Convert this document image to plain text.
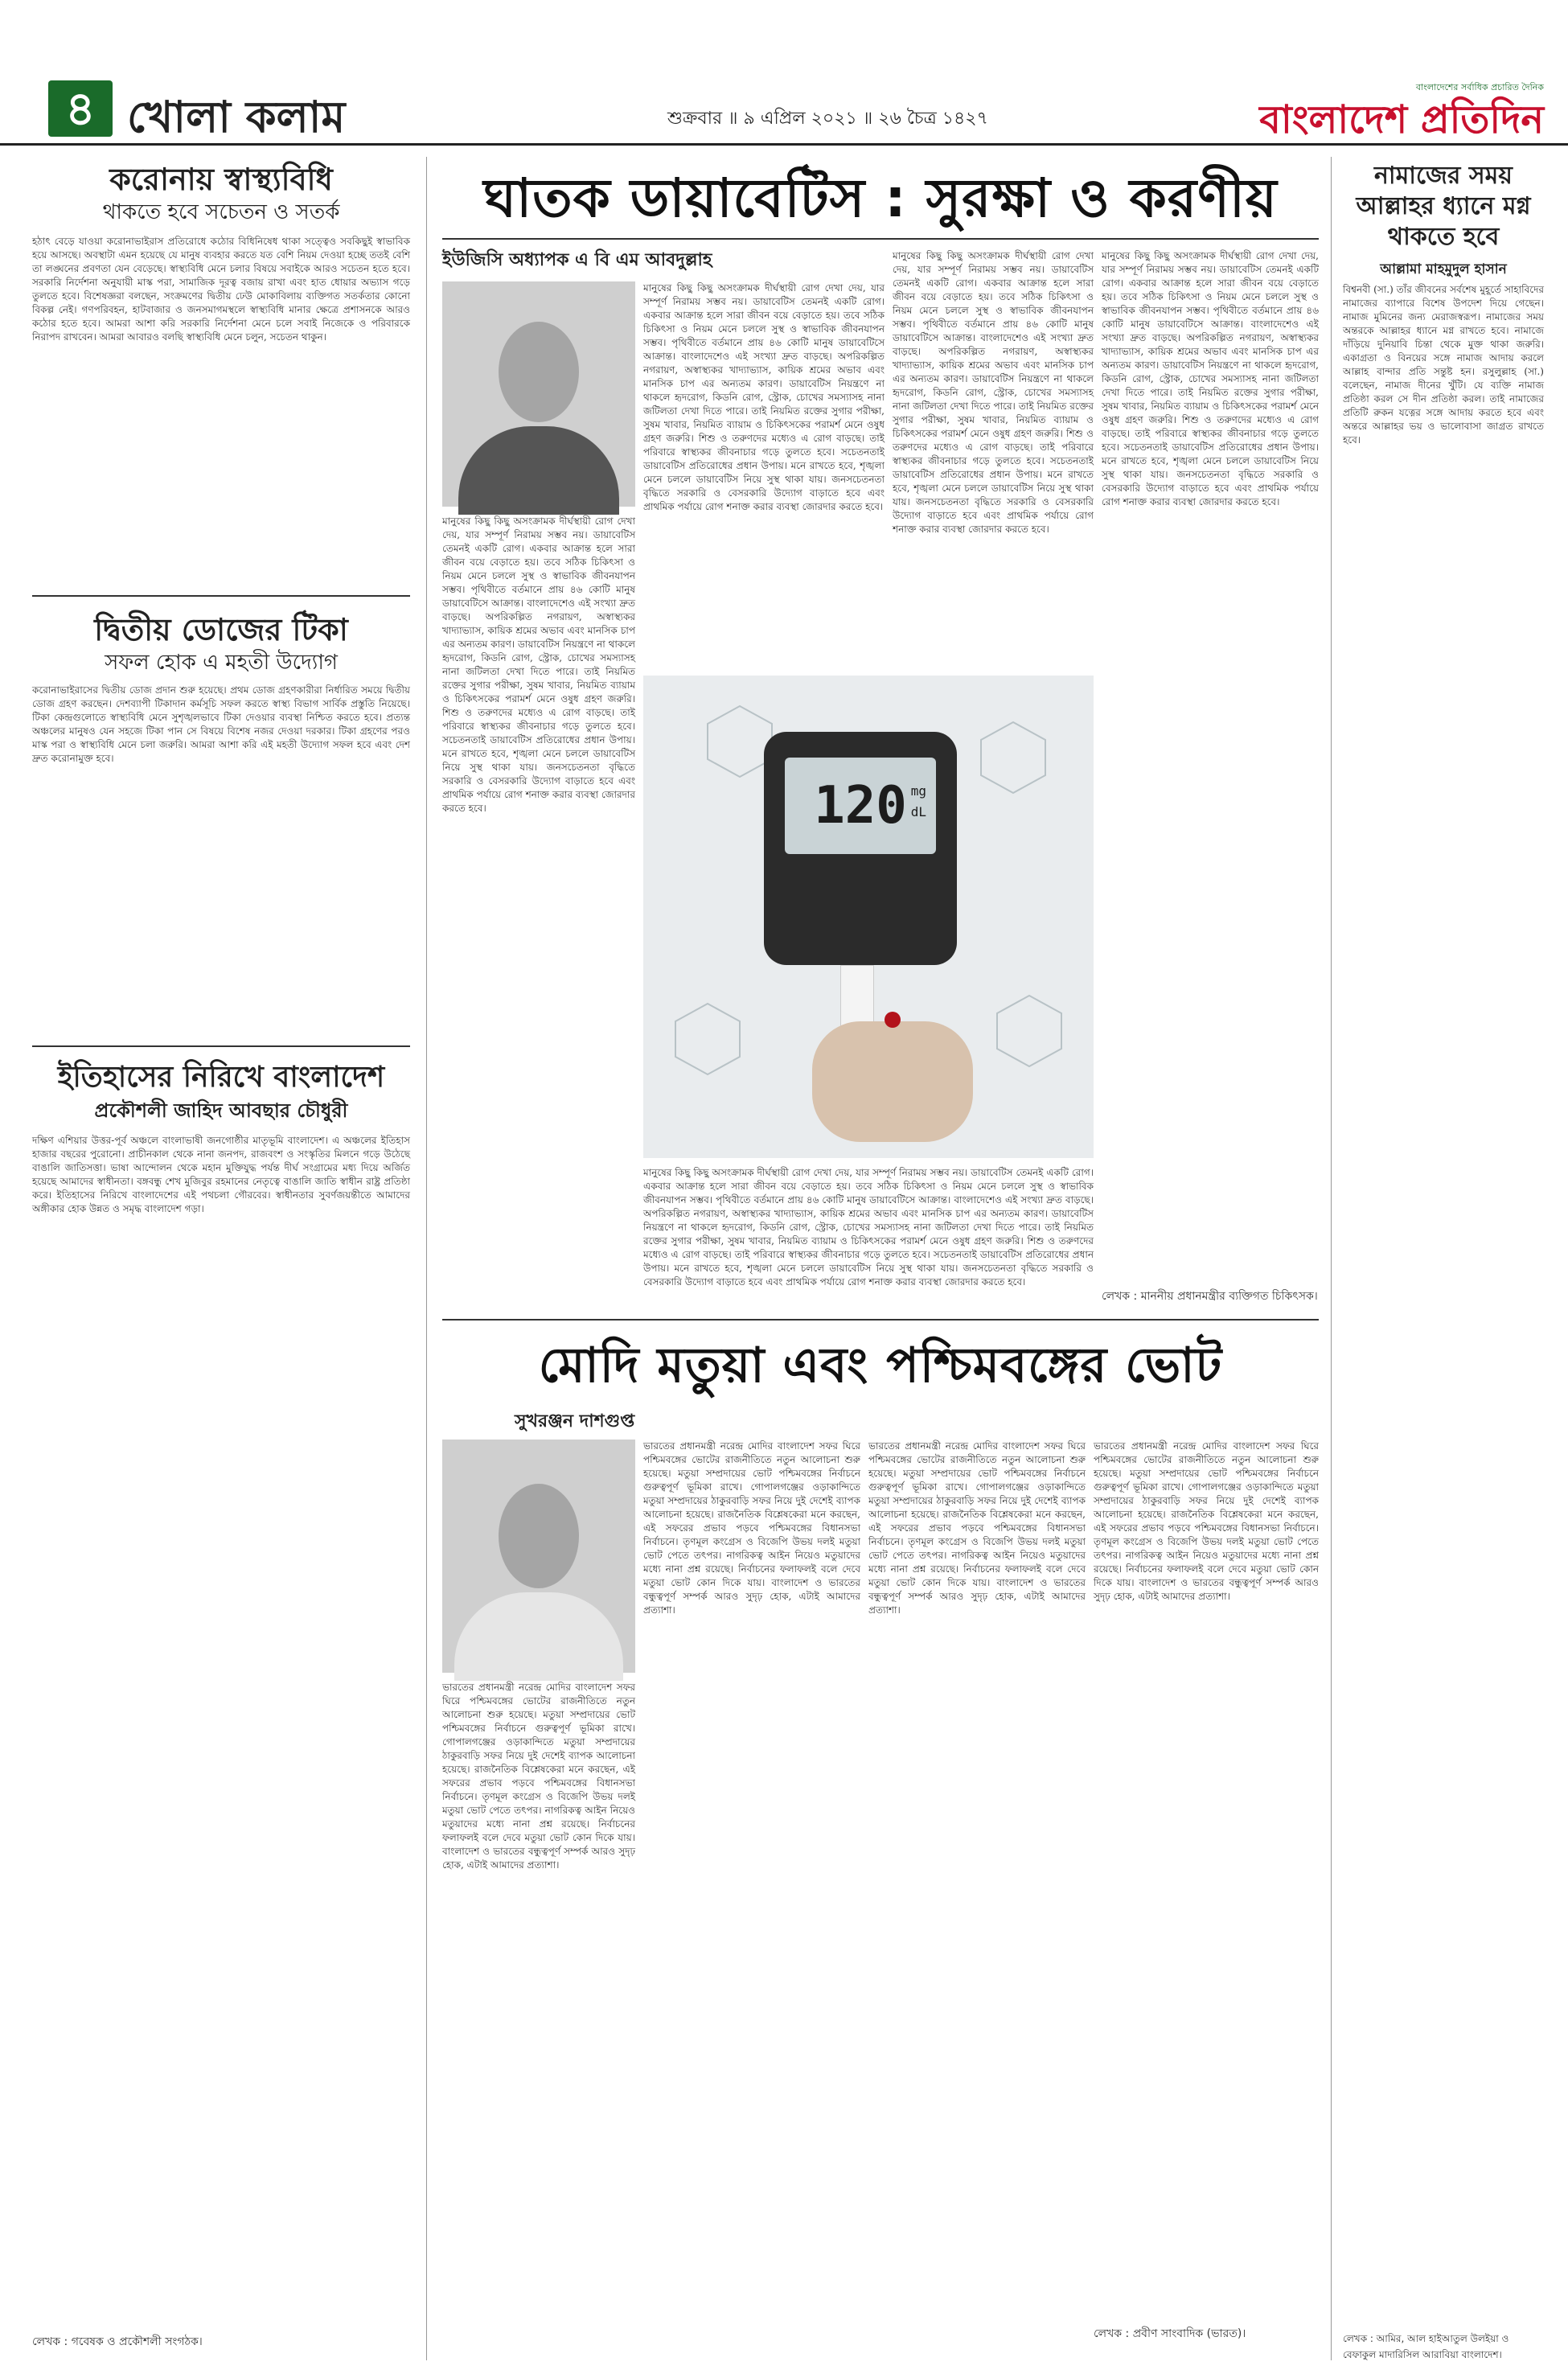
৪ খোলা কলাম	শুক্রবার ॥ ৯ এপ্রিল ২০২১ ॥ ২৬ চৈত্র ১৪২৭
বাংলাদেশের সর্বাধিক প্রচারিত দৈনিক
বাংলাদেশ প্রতিদিন
করোনায় স্বাস্থ্যবিধি
থাকতে হবে সচেতন ও সতর্ক
হঠাৎ বেড়ে যাওয়া করোনাভাইরাস প্রতিরোধে কঠোর বিধিনিষেধ থাকা সত্ত্বেও সবকিছুই স্বাভাবিক হয়ে আসছে। অবস্থাটা এমন হয়েছে যে মানুষ ব্যবহার করতে যত বেশি নিয়ম দেওয়া হচ্ছে ততই বেশি তা লঙ্ঘনের প্রবণতা যেন বেড়েছে। স্বাস্থ্যবিধি মেনে চলার বিষয়ে সবাইকে আরও সচেতন হতে হবে। সরকারি নির্দেশনা অনুযায়ী মাস্ক পরা, সামাজিক দূরত্ব বজায় রাখা এবং হাত ধোয়ার অভ্যাস গড়ে তুলতে হবে। বিশেষজ্ঞরা বলছেন, সংক্রমণের দ্বিতীয় ঢেউ মোকাবিলায় ব্যক্তিগত সতর্কতার কোনো বিকল্প নেই। গণপরিবহন, হাটবাজার ও জনসমাগমস্থলে স্বাস্থ্যবিধি মানার ক্ষেত্রে প্রশাসনকে আরও কঠোর হতে হবে। আমরা আশা করি সরকারি নির্দেশনা মেনে চলে সবাই নিজেকে ও পরিবারকে নিরাপদ রাখবেন। আমরা আবারও বলছি স্বাস্থ্যবিধি মেনে চলুন, সচেতন থাকুন।
দ্বিতীয় ডোজের টিকা
সফল হোক এ মহতী উদ্যোগ
করোনাভাইরাসের দ্বিতীয় ডোজ প্রদান শুরু হয়েছে। প্রথম ডোজ গ্রহণকারীরা নির্ধারিত সময়ে দ্বিতীয় ডোজ গ্রহণ করছেন। দেশব্যাপী টিকাদান কর্মসূচি সফল করতে স্বাস্থ্য বিভাগ সার্বিক প্রস্তুতি নিয়েছে। টিকা কেন্দ্রগুলোতে স্বাস্থ্যবিধি মেনে সুশৃঙ্খলভাবে টিকা দেওয়ার ব্যবস্থা নিশ্চিত করতে হবে। প্রত্যন্ত অঞ্চলের মানুষও যেন সহজে টিকা পান সে বিষয়ে বিশেষ নজর দেওয়া দরকার। টিকা গ্রহণের পরও মাস্ক পরা ও স্বাস্থ্যবিধি মেনে চলা জরুরি। আমরা আশা করি এই মহতী উদ্যোগ সফল হবে এবং দেশ দ্রুত করোনামুক্ত হবে।
ইতিহাসের নিরিখে বাংলাদেশ
প্রকৌশলী জাহিদ আবছার চৌধুরী
দক্ষিণ এশিয়ার উত্তর-পূর্ব অঞ্চলে বাংলাভাষী জনগোষ্ঠীর মাতৃভূমি বাংলাদেশ। এ অঞ্চলের ইতিহাস হাজার বছরের পুরোনো। প্রাচীনকাল থেকে নানা জনপদ, রাজবংশ ও সংস্কৃতির মিলনে গড়ে উঠেছে বাঙালি জাতিসত্তা। ভাষা আন্দোলন থেকে মহান মুক্তিযুদ্ধ পর্যন্ত দীর্ঘ সংগ্রামের মধ্য দিয়ে অর্জিত হয়েছে আমাদের স্বাধীনতা। বঙ্গবন্ধু শেখ মুজিবুর রহমানের নেতৃত্বে বাঙালি জাতি স্বাধীন রাষ্ট্র প্রতিষ্ঠা করে। ইতিহাসের নিরিখে বাংলাদেশের এই পথচলা গৌরবের। স্বাধীনতার সুবর্ণজয়ন্তীতে আমাদের অঙ্গীকার হোক উন্নত ও সমৃদ্ধ বাংলাদেশ গড়া।
লেখক : গবেষক ও প্রকৌশলী সংগঠক।
ঘাতক ডায়াবেটিস : সুরক্ষা ও করণীয়
ইউজিসি অধ্যাপক এ বি এম আবদুল্লাহ
মানুষের কিছু কিছু অসংক্রামক দীর্ঘস্থায়ী রোগ দেখা দেয়, যার সম্পূর্ণ নিরাময় সম্ভব নয়। ডায়াবেটিস তেমনই একটি রোগ। একবার আক্রান্ত হলে সারা জীবন বয়ে বেড়াতে হয়। তবে সঠিক চিকিৎসা ও নিয়ম মেনে চললে সুস্থ ও স্বাভাবিক জীবনযাপন সম্ভব। পৃথিবীতে বর্তমানে প্রায় ৪৬ কোটি মানুষ ডায়াবেটিসে আক্রান্ত। বাংলাদেশেও এই সংখ্যা দ্রুত বাড়ছে। অপরিকল্পিত নগরায়ণ, অস্বাস্থ্যকর খাদ্যাভ্যাস, কায়িক শ্রমের অভাব এবং মানসিক চাপ এর অন্যতম কারণ। ডায়াবেটিস নিয়ন্ত্রণে না থাকলে হৃদরোগ, কিডনি রোগ, স্ট্রোক, চোখের সমস্যাসহ নানা জটিলতা দেখা দিতে পারে। তাই নিয়মিত রক্তের সুগার পরীক্ষা, সুষম খাবার, নিয়মিত ব্যায়াম ও চিকিৎসকের পরামর্শ মেনে ওষুধ গ্রহণ জরুরি। শিশু ও তরুণদের মধ্যেও এ রোগ বাড়ছে। তাই পরিবারে স্বাস্থ্যকর জীবনাচার গড়ে তুলতে হবে। সচেতনতাই ডায়াবেটিস প্রতিরোধের প্রধান উপায়। মনে রাখতে হবে, শৃঙ্খলা মেনে চললে ডায়াবেটিস নিয়ে সুস্থ থাকা যায়। জনসচেতনতা বৃদ্ধিতে সরকারি ও বেসরকারি উদ্যোগ বাড়াতে হবে এবং প্রাথমিক পর্যায়ে রোগ শনাক্ত করার ব্যবস্থা জোরদার করতে হবে।
মানুষের কিছু কিছু অসংক্রামক দীর্ঘস্থায়ী রোগ দেখা দেয়, যার সম্পূর্ণ নিরাময় সম্ভব নয়। ডায়াবেটিস তেমনই একটি রোগ। একবার আক্রান্ত হলে সারা জীবন বয়ে বেড়াতে হয়। তবে সঠিক চিকিৎসা ও নিয়ম মেনে চললে সুস্থ ও স্বাভাবিক জীবনযাপন সম্ভব। পৃথিবীতে বর্তমানে প্রায় ৪৬ কোটি মানুষ ডায়াবেটিসে আক্রান্ত। বাংলাদেশেও এই সংখ্যা দ্রুত বাড়ছে। অপরিকল্পিত নগরায়ণ, অস্বাস্থ্যকর খাদ্যাভ্যাস, কায়িক শ্রমের অভাব এবং মানসিক চাপ এর অন্যতম কারণ। ডায়াবেটিস নিয়ন্ত্রণে না থাকলে হৃদরোগ, কিডনি রোগ, স্ট্রোক, চোখের সমস্যাসহ নানা জটিলতা দেখা দিতে পারে। তাই নিয়মিত রক্তের সুগার পরীক্ষা, সুষম খাবার, নিয়মিত ব্যায়াম ও চিকিৎসকের পরামর্শ মেনে ওষুধ গ্রহণ জরুরি। শিশু ও তরুণদের মধ্যেও এ রোগ বাড়ছে। তাই পরিবারে স্বাস্থ্যকর জীবনাচার গড়ে তুলতে হবে। সচেতনতাই ডায়াবেটিস প্রতিরোধের প্রধান উপায়। মনে রাখতে হবে, শৃঙ্খলা মেনে চললে ডায়াবেটিস নিয়ে সুস্থ থাকা যায়। জনসচেতনতা বৃদ্ধিতে সরকারি ও বেসরকারি উদ্যোগ বাড়াতে হবে এবং প্রাথমিক পর্যায়ে রোগ শনাক্ত করার ব্যবস্থা জোরদার করতে হবে।
মানুষের কিছু কিছু অসংক্রামক দীর্ঘস্থায়ী রোগ দেখা দেয়, যার সম্পূর্ণ নিরাময় সম্ভব নয়। ডায়াবেটিস তেমনই একটি রোগ। একবার আক্রান্ত হলে সারা জীবন বয়ে বেড়াতে হয়। তবে সঠিক চিকিৎসা ও নিয়ম মেনে চললে সুস্থ ও স্বাভাবিক জীবনযাপন সম্ভব। পৃথিবীতে বর্তমানে প্রায় ৪৬ কোটি মানুষ ডায়াবেটিসে আক্রান্ত। বাংলাদেশেও এই সংখ্যা দ্রুত বাড়ছে। অপরিকল্পিত নগরায়ণ, অস্বাস্থ্যকর খাদ্যাভ্যাস, কায়িক শ্রমের অভাব এবং মানসিক চাপ এর অন্যতম কারণ। ডায়াবেটিস নিয়ন্ত্রণে না থাকলে হৃদরোগ, কিডনি রোগ, স্ট্রোক, চোখের সমস্যাসহ নানা জটিলতা দেখা দিতে পারে। তাই নিয়মিত রক্তের সুগার পরীক্ষা, সুষম খাবার, নিয়মিত ব্যায়াম ও চিকিৎসকের পরামর্শ মেনে ওষুধ গ্রহণ জরুরি। শিশু ও তরুণদের মধ্যেও এ রোগ বাড়ছে। তাই পরিবারে স্বাস্থ্যকর জীবনাচার গড়ে তুলতে হবে। সচেতনতাই ডায়াবেটিস প্রতিরোধের প্রধান উপায়। মনে রাখতে হবে, শৃঙ্খলা মেনে চললে ডায়াবেটিস নিয়ে সুস্থ থাকা যায়। জনসচেতনতা বৃদ্ধিতে সরকারি ও বেসরকারি উদ্যোগ বাড়াতে হবে এবং প্রাথমিক পর্যায়ে রোগ শনাক্ত করার ব্যবস্থা জোরদার করতে হবে।
মানুষের কিছু কিছু অসংক্রামক দীর্ঘস্থায়ী রোগ দেখা দেয়, যার সম্পূর্ণ নিরাময় সম্ভব নয়। ডায়াবেটিস তেমনই একটি রোগ। একবার আক্রান্ত হলে সারা জীবন বয়ে বেড়াতে হয়। তবে সঠিক চিকিৎসা ও নিয়ম মেনে চললে সুস্থ ও স্বাভাবিক জীবনযাপন সম্ভব। পৃথিবীতে বর্তমানে প্রায় ৪৬ কোটি মানুষ ডায়াবেটিসে আক্রান্ত। বাংলাদেশেও এই সংখ্যা দ্রুত বাড়ছে। অপরিকল্পিত নগরায়ণ, অস্বাস্থ্যকর খাদ্যাভ্যাস, কায়িক শ্রমের অভাব এবং মানসিক চাপ এর অন্যতম কারণ। ডায়াবেটিস নিয়ন্ত্রণে না থাকলে হৃদরোগ, কিডনি রোগ, স্ট্রোক, চোখের সমস্যাসহ নানা জটিলতা দেখা দিতে পারে। তাই নিয়মিত রক্তের সুগার পরীক্ষা, সুষম খাবার, নিয়মিত ব্যায়াম ও চিকিৎসকের পরামর্শ মেনে ওষুধ গ্রহণ জরুরি। শিশু ও তরুণদের মধ্যেও এ রোগ বাড়ছে। তাই পরিবারে স্বাস্থ্যকর জীবনাচার গড়ে তুলতে হবে। সচেতনতাই ডায়াবেটিস প্রতিরোধের প্রধান উপায়। মনে রাখতে হবে, শৃঙ্খলা মেনে চললে ডায়াবেটিস নিয়ে সুস্থ থাকা যায়। জনসচেতনতা বৃদ্ধিতে সরকারি ও বেসরকারি উদ্যোগ বাড়াতে হবে এবং প্রাথমিক পর্যায়ে রোগ শনাক্ত করার ব্যবস্থা জোরদার করতে হবে।	120 mg
dL
মানুষের কিছু কিছু অসংক্রামক দীর্ঘস্থায়ী রোগ দেখা দেয়, যার সম্পূর্ণ নিরাময় সম্ভব নয়। ডায়াবেটিস তেমনই একটি রোগ। একবার আক্রান্ত হলে সারা জীবন বয়ে বেড়াতে হয়। তবে সঠিক চিকিৎসা ও নিয়ম মেনে চললে সুস্থ ও স্বাভাবিক জীবনযাপন সম্ভব। পৃথিবীতে বর্তমানে প্রায় ৪৬ কোটি মানুষ ডায়াবেটিসে আক্রান্ত। বাংলাদেশেও এই সংখ্যা দ্রুত বাড়ছে। অপরিকল্পিত নগরায়ণ, অস্বাস্থ্যকর খাদ্যাভ্যাস, কায়িক শ্রমের অভাব এবং মানসিক চাপ এর অন্যতম কারণ। ডায়াবেটিস নিয়ন্ত্রণে না থাকলে হৃদরোগ, কিডনি রোগ, স্ট্রোক, চোখের সমস্যাসহ নানা জটিলতা দেখা দিতে পারে। তাই নিয়মিত রক্তের সুগার পরীক্ষা, সুষম খাবার, নিয়মিত ব্যায়াম ও চিকিৎসকের পরামর্শ মেনে ওষুধ গ্রহণ জরুরি। শিশু ও তরুণদের মধ্যেও এ রোগ বাড়ছে। তাই পরিবারে স্বাস্থ্যকর জীবনাচার গড়ে তুলতে হবে। সচেতনতাই ডায়াবেটিস প্রতিরোধের প্রধান উপায়। মনে রাখতে হবে, শৃঙ্খলা মেনে চললে ডায়াবেটিস নিয়ে সুস্থ থাকা যায়। জনসচেতনতা বৃদ্ধিতে সরকারি ও বেসরকারি উদ্যোগ বাড়াতে হবে এবং প্রাথমিক পর্যায়ে রোগ শনাক্ত করার ব্যবস্থা জোরদার করতে হবে।
লেখক : মাননীয় প্রধানমন্ত্রীর ব্যক্তিগত চিকিৎসক।
মোদি মতুয়া এবং পশ্চিমবঙ্গের ভোট
সুখরঞ্জন দাশগুপ্ত
ভারতের প্রধানমন্ত্রী নরেন্দ্র মোদির বাংলাদেশ সফর ঘিরে পশ্চিমবঙ্গের ভোটের রাজনীতিতে নতুন আলোচনা শুরু হয়েছে। মতুয়া সম্প্রদায়ের ভোট পশ্চিমবঙ্গের নির্বাচনে গুরুত্বপূর্ণ ভূমিকা রাখে। গোপালগঞ্জের ওড়াকান্দিতে মতুয়া সম্প্রদায়ের ঠাকুরবাড়ি সফর নিয়ে দুই দেশেই ব্যাপক আলোচনা হয়েছে। রাজনৈতিক বিশ্লেষকেরা মনে করছেন, এই সফরের প্রভাব পড়বে পশ্চিমবঙ্গের বিধানসভা নির্বাচনে। তৃণমূল কংগ্রেস ও বিজেপি উভয় দলই মতুয়া ভোট পেতে তৎপর। নাগরিকত্ব আইন নিয়েও মতুয়াদের মধ্যে নানা প্রশ্ন রয়েছে। নির্বাচনের ফলাফলই বলে দেবে মতুয়া ভোট কোন দিকে যায়। বাংলাদেশ ও ভারতের বন্ধুত্বপূর্ণ সম্পর্ক আরও সুদৃঢ় হোক, এটাই আমাদের প্রত্যাশা।
ভারতের প্রধানমন্ত্রী নরেন্দ্র মোদির বাংলাদেশ সফর ঘিরে পশ্চিমবঙ্গের ভোটের রাজনীতিতে নতুন আলোচনা শুরু হয়েছে। মতুয়া সম্প্রদায়ের ভোট পশ্চিমবঙ্গের নির্বাচনে গুরুত্বপূর্ণ ভূমিকা রাখে। গোপালগঞ্জের ওড়াকান্দিতে মতুয়া সম্প্রদায়ের ঠাকুরবাড়ি সফর নিয়ে দুই দেশেই ব্যাপক আলোচনা হয়েছে। রাজনৈতিক বিশ্লেষকেরা মনে করছেন, এই সফরের প্রভাব পড়বে পশ্চিমবঙ্গের বিধানসভা নির্বাচনে। তৃণমূল কংগ্রেস ও বিজেপি উভয় দলই মতুয়া ভোট পেতে তৎপর। নাগরিকত্ব আইন নিয়েও মতুয়াদের মধ্যে নানা প্রশ্ন রয়েছে। নির্বাচনের ফলাফলই বলে দেবে মতুয়া ভোট কোন দিকে যায়। বাংলাদেশ ও ভারতের বন্ধুত্বপূর্ণ সম্পর্ক আরও সুদৃঢ় হোক, এটাই আমাদের প্রত্যাশা।
ভারতের প্রধানমন্ত্রী নরেন্দ্র মোদির বাংলাদেশ সফর ঘিরে পশ্চিমবঙ্গের ভোটের রাজনীতিতে নতুন আলোচনা শুরু হয়েছে। মতুয়া সম্প্রদায়ের ভোট পশ্চিমবঙ্গের নির্বাচনে গুরুত্বপূর্ণ ভূমিকা রাখে। গোপালগঞ্জের ওড়াকান্দিতে মতুয়া সম্প্রদায়ের ঠাকুরবাড়ি সফর নিয়ে দুই দেশেই ব্যাপক আলোচনা হয়েছে। রাজনৈতিক বিশ্লেষকেরা মনে করছেন, এই সফরের প্রভাব পড়বে পশ্চিমবঙ্গের বিধানসভা নির্বাচনে। তৃণমূল কংগ্রেস ও বিজেপি উভয় দলই মতুয়া ভোট পেতে তৎপর। নাগরিকত্ব আইন নিয়েও মতুয়াদের মধ্যে নানা প্রশ্ন রয়েছে। নির্বাচনের ফলাফলই বলে দেবে মতুয়া ভোট কোন দিকে যায়। বাংলাদেশ ও ভারতের বন্ধুত্বপূর্ণ সম্পর্ক আরও সুদৃঢ় হোক, এটাই আমাদের প্রত্যাশা।
ভারতের প্রধানমন্ত্রী নরেন্দ্র মোদির বাংলাদেশ সফর ঘিরে পশ্চিমবঙ্গের ভোটের রাজনীতিতে নতুন আলোচনা শুরু হয়েছে। মতুয়া সম্প্রদায়ের ভোট পশ্চিমবঙ্গের নির্বাচনে গুরুত্বপূর্ণ ভূমিকা রাখে। গোপালগঞ্জের ওড়াকান্দিতে মতুয়া সম্প্রদায়ের ঠাকুরবাড়ি সফর নিয়ে দুই দেশেই ব্যাপক আলোচনা হয়েছে। রাজনৈতিক বিশ্লেষকেরা মনে করছেন, এই সফরের প্রভাব পড়বে পশ্চিমবঙ্গের বিধানসভা নির্বাচনে। তৃণমূল কংগ্রেস ও বিজেপি উভয় দলই মতুয়া ভোট পেতে তৎপর। নাগরিকত্ব আইন নিয়েও মতুয়াদের মধ্যে নানা প্রশ্ন রয়েছে। নির্বাচনের ফলাফলই বলে দেবে মতুয়া ভোট কোন দিকে যায়। বাংলাদেশ ও ভারতের বন্ধুত্বপূর্ণ সম্পর্ক আরও সুদৃঢ় হোক, এটাই আমাদের প্রত্যাশা।
লেখক : প্রবীণ সাংবাদিক (ভারত)।
নামাজের সময় আল্লাহর ধ্যানে মগ্ন থাকতে হবে
আল্লামা মাহমুদুল হাসান
বিশ্বনবী (সা.) তাঁর জীবনের সর্বশেষ মুহূর্তে সাহাবিদের নামাজের ব্যাপারে বিশেষ উপদেশ দিয়ে গেছেন। নামাজ মুমিনের জন্য মেরাজস্বরূপ। নামাজের সময় অন্তরকে আল্লাহর ধ্যানে মগ্ন রাখতে হবে। নামাজে দাঁড়িয়ে দুনিয়াবি চিন্তা থেকে মুক্ত থাকা জরুরি। একাগ্রতা ও বিনয়ের সঙ্গে নামাজ আদায় করলে আল্লাহ বান্দার প্রতি সন্তুষ্ট হন। রসুলুল্লাহ (সা.) বলেছেন, নামাজ দীনের খুঁটি। যে ব্যক্তি নামাজ প্রতিষ্ঠা করল সে দীন প্রতিষ্ঠা করল। তাই নামাজের প্রতিটি রুকন যত্নের সঙ্গে আদায় করতে হবে এবং অন্তরে আল্লাহর ভয় ও ভালোবাসা জাগ্রত রাখতে হবে।
লেখক : আমির, আল হাইআতুল উলইয়া ও বেফাকুল মাদারিসিল আরাবিয়া বাংলাদেশ।
